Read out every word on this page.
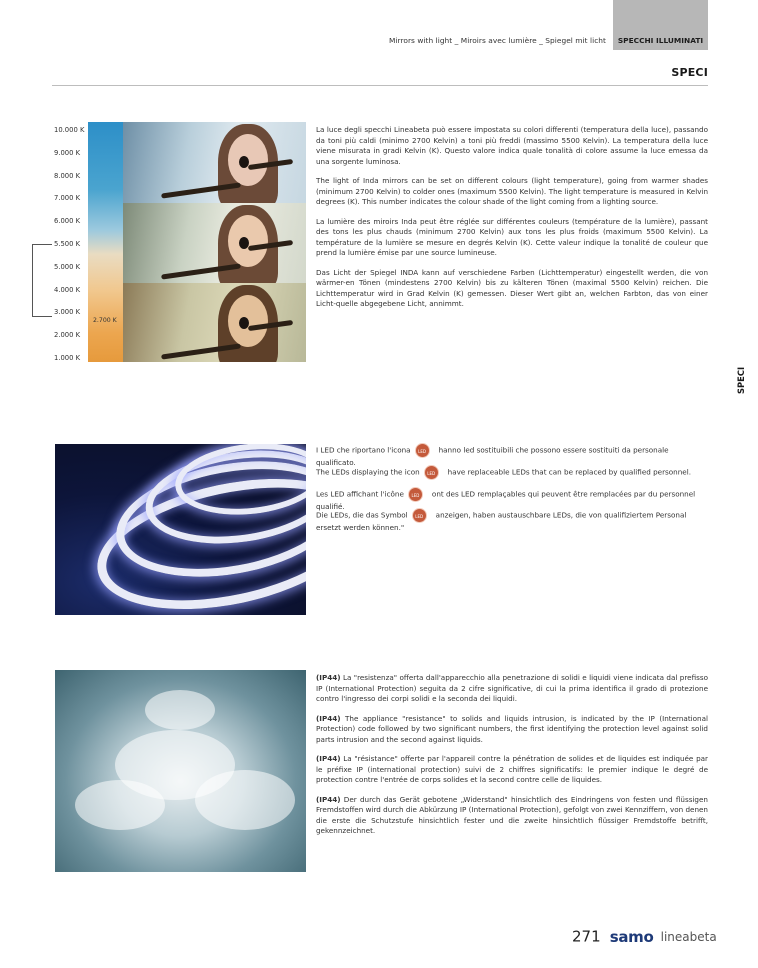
Mirrors with light _ Miroirs avec lumière _ Spiegel mit licht	SPECCHI ILLUMINATI
SPECI
10.000 K
9.000 K
8.000 K
7.000 K
6.000 K
5.500 K
5.000 K
4.000 K
3.000 K
2.000 K
1.000 K
2.700 K

La luce degli specchi Lineabeta può essere impostata su colori differenti (temperatura della luce), passando da toni più caldi (minimo 2700 Kelvin) a toni più freddi (massimo 5500 Kelvin). La temperatura della luce viene misurata in gradi Kelvin (K). Questo valore indica quale tonalità di colore assume la luce emessa da una sorgente luminosa.

The light of Inda mirrors can be set on different colours (light temperature), going from warmer shades (minimum 2700 Kelvin) to colder ones (maximum 5500 Kelvin). The light temperature is measured in Kelvin degrees (K). This number indicates the colour shade of the light coming from a lighting source.

La lumière des miroirs Inda peut être réglée sur différentes couleurs (température de la lumière), passant des tons les plus chauds (minimum 2700 Kelvin) aux tons les plus froids (maximum 5500 Kelvin). La température de la lumière se mesure en degrés Kelvin (K). Cette valeur indique la tonalité de couleur que prend la lumière émise par une source lumineuse.

Das Licht der Spiegel INDA kann auf verschiedene Farben (Lichttemperatur) eingestellt werden, die von wärmer-en Tönen (mindestens 2700 Kelvin) bis zu kälteren Tönen (maximal 5500 Kelvin) reichen. Die Lichttemperatur wird in Grad Kelvin (K) gemessen. Dieser Wert gibt an, welchen Farbton, das von einer Licht-quelle abgegebene Licht, annimmt.

SPECI
I LED che riportano l'icona LED hanno led sostituibili che possono essere sostituiti da personale qualificato.
The LEDs displaying the icon LED have replaceable LEDs that can be replaced by qualified personnel.
Les LED affichant l'icône LED ont des LED remplaçables qui peuvent être remplacées par du personnel qualifié.
Die LEDs, die das Symbol LED anzeigen, haben austauschbare LEDs, die von qualifiziertem Personal ersetzt werden können."

(IP44) La "resistenza" offerta dall'apparecchio alla penetrazione di solidi e liquidi viene indicata dal prefisso IP (International Protection) seguita da 2 cifre significative, di cui la prima identifica il grado di protezione contro l'ingresso dei corpi solidi e la seconda dei liquidi.

(IP44) The appliance "resistance" to solids and liquids intrusion, is indicated by the IP (International Protection) code followed by two significant numbers, the first identifying the protection level against solid parts intrusion and the second against liquids.

(IP44) La "résistance" offerte par l'appareil contre la pénétration de solides et de liquides est indiquée par le préfixe IP (international protection) suivi de 2 chiffres significatifs: le premier indique le degré de protection contre l'entrée de corps solides et la second contre celle de liquides.

(IP44) Der durch das Gerät gebotene „Widerstand" hinsichtlich des Eindringens von festen und flüssigen Fremdstoffen wird durch die Abkürzung IP (International Protection), gefolgt von zwei Kennziffern, von denen die erste die Schutzstufe hinsichtlich fester und die zweite hinsichtlich flüssiger Fremdstoffe betrifft, gekennzeichnet.

271 samo lineabeta
